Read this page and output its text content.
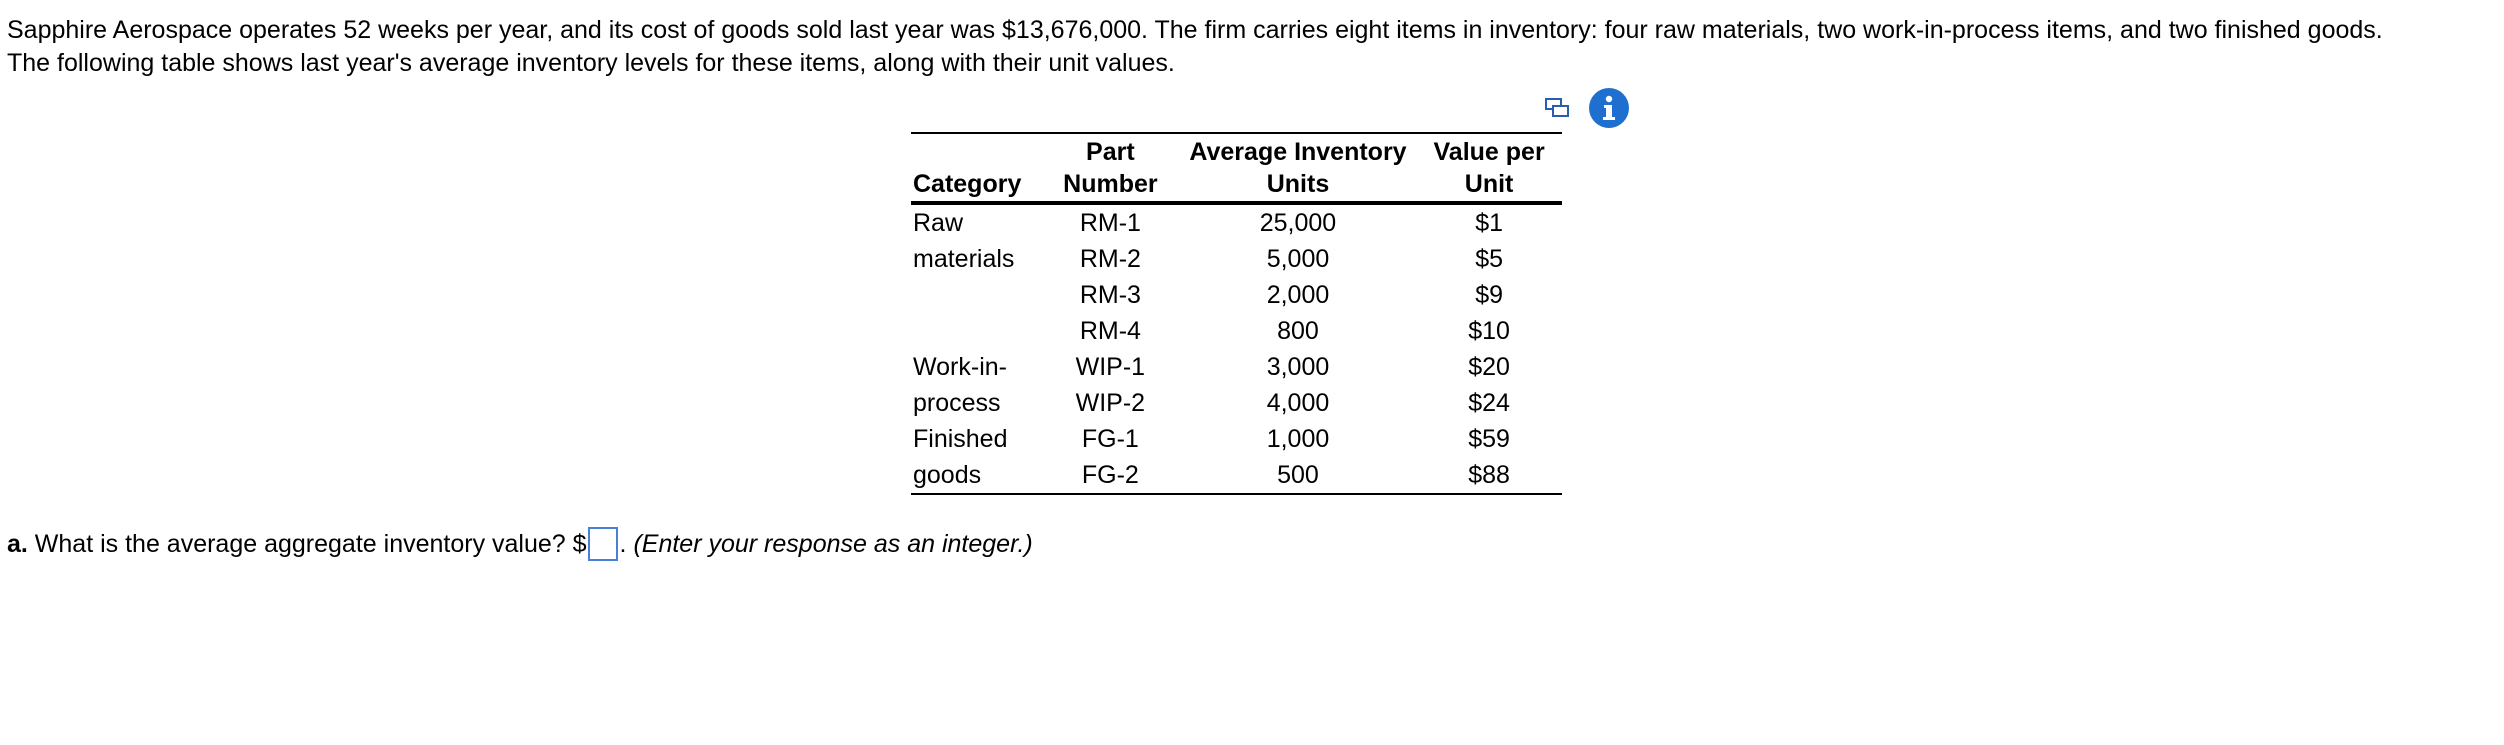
Sapphire Aerospace operates 52 weeks per year, and its cost of goods sold last year was $13,676,000. The firm carries eight items in inventory: four raw materials, two work-in-process items, and two finished goods.

The following table shows last year's average inventory levels for these items, along with their unit values.

	Part	Average Inventory	Value per
Category	Number	Units	Unit
Raw	RM-1	25,000	$1
materials	RM-2	5,000	$5
	RM-3	2,000	$9
	RM-4	800	$10
Work-in-	WIP-1	3,000	$20
process	WIP-2	4,000	$24
Finished	FG-1	1,000	$59
goods	FG-2	500	$88
a. What is the average aggregate inventory value? $ . (Enter your response as an integer.)
